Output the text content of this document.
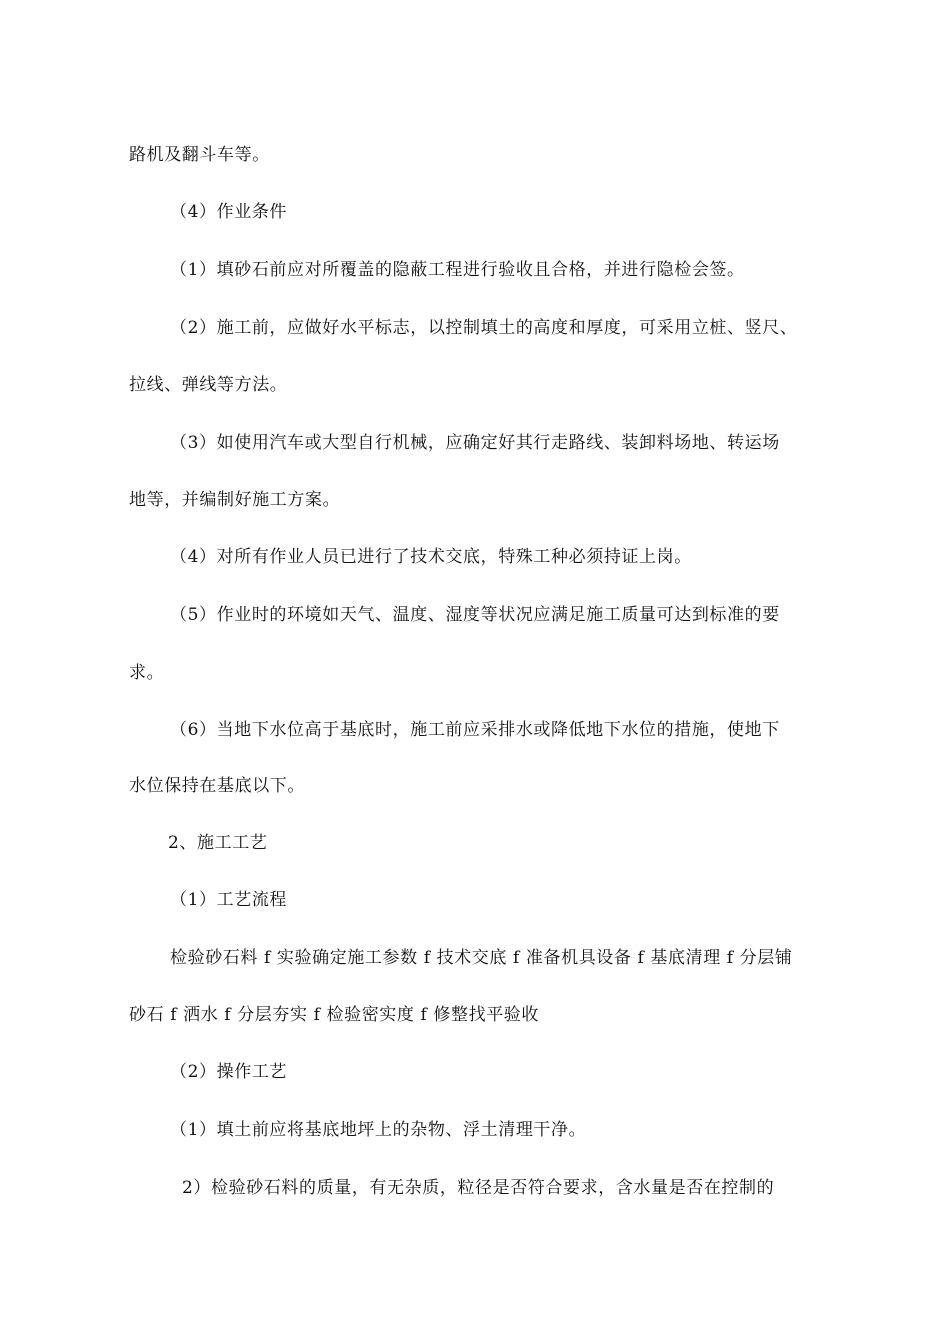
路机及翻斗车等。
（4）作业条件
（1）填砂石前应对所覆盖的隐蔽工程进行验收且合格，并进行隐检会签。
（2）施工前，应做好水平标志，以控制填土的高度和厚度，可采用立桩、竖尺、
拉线、弹线等方法。
（3）如使用汽车或大型自行机械，应确定好其行走路线、装卸料场地、转运场
地等，并编制好施工方案。
（4）对所有作业人员已进行了技术交底，特殊工种必须持证上岗。
（5）作业时的环境如天气、温度、湿度等状况应满足施工质量可达到标准的要
求。
（6）当地下水位高于基底时，施工前应采排水或降低地下水位的措施，使地下
水位保持在基底以下。
2、施工工艺
（1）工艺流程
检验砂石料 f 实验确定施工参数 f 技术交底 f 准备机具设备 f 基底清理 f 分层铺
砂石 f 洒水 f 分层夯实 f 检验密实度 f 修整找平验收
（2）操作工艺
（1）填土前应将基底地坪上的杂物、浮土清理干净。
2）检验砂石料的质量，有无杂质，粒径是否符合要求，含水量是否在控制的
